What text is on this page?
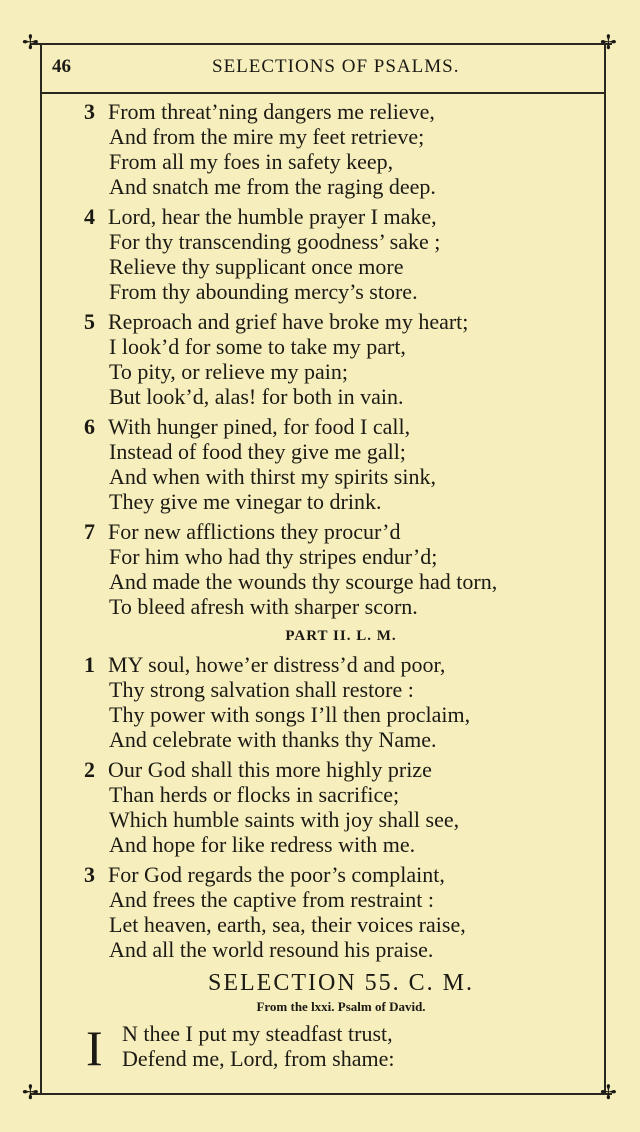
✢	✢
✢	✢
46	SELECTIONS OF PSALMS.
3 From threat’ning dangers me relieve,
And from the mire my feet retrieve;
From all my foes in safety keep,
And snatch me from the raging deep.
4 Lord, hear the humble prayer I make,
For thy transcending goodness’ sake ;
Relieve thy supplicant once more
From thy abounding mercy’s store.
5 Reproach and grief have broke my heart;
I look’d for some to take my part,
To pity, or relieve my pain;
But look’d, alas! for both in vain.
6 With hunger pined, for food I call,
Instead of food they give me gall;
And when with thirst my spirits sink,
They give me vinegar to drink.
7 For new afflictions they procur’d
For him who had thy stripes endur’d;
And made the wounds thy scourge had torn,
To bleed afresh with sharper scorn.
PART II. L. M.
1 MY soul, howe’er distress’d and poor,
Thy strong salvation shall restore :
Thy power with songs I’ll then proclaim,
And celebrate with thanks thy Name.
2 Our God shall this more highly prize
Than herds or flocks in sacrifice;
Which humble saints with joy shall see,
And hope for like redress with me.
3 For God regards the poor’s complaint,
And frees the captive from restraint :
Let heaven, earth, sea, their voices raise,
And all the world resound his praise.
SELECTION 55. C. M.
From the lxxi. Psalm of David.
I N thee I put my steadfast trust,
Defend me, Lord, from shame:
